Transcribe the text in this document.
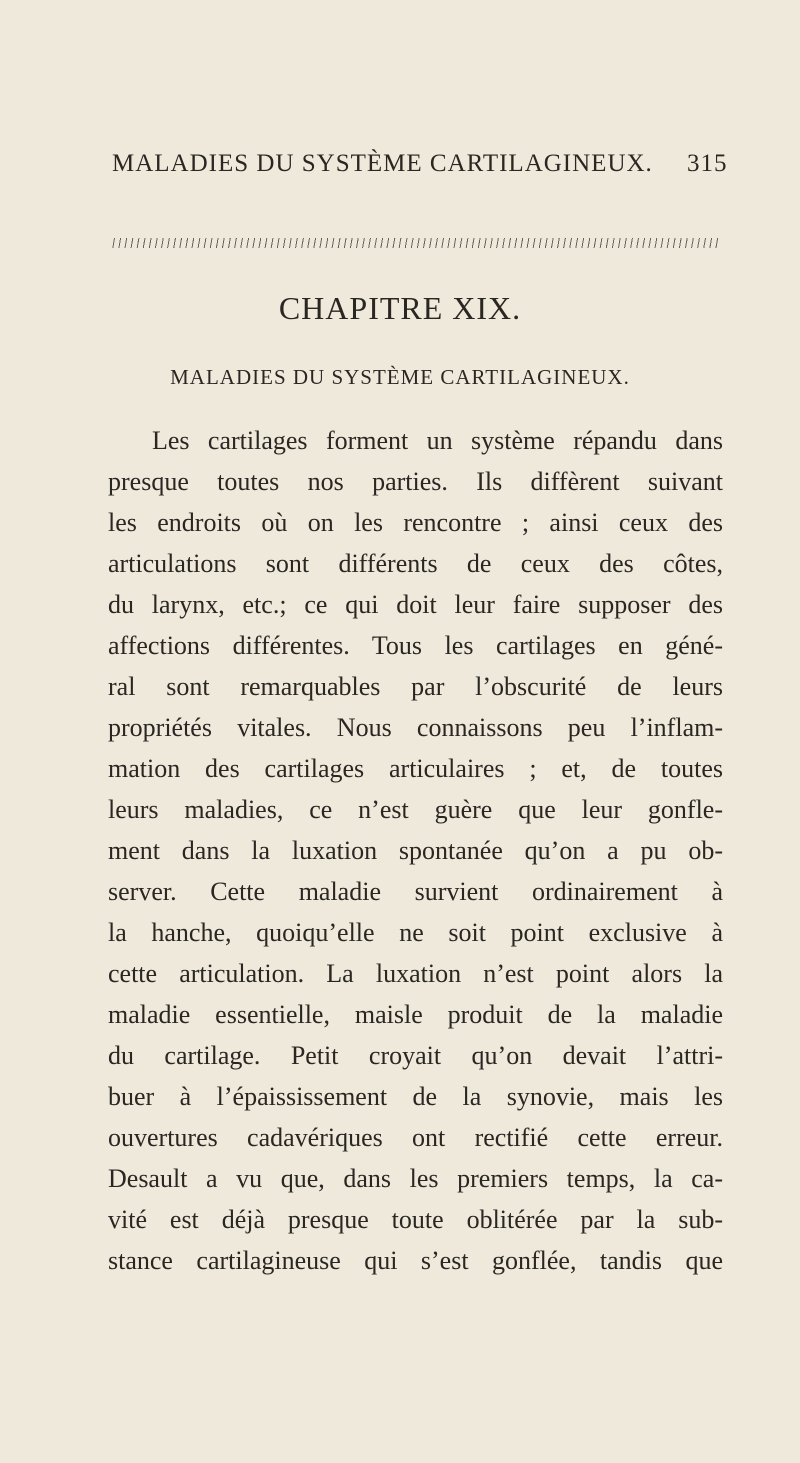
MALADIES DU SYSTÈME CARTILAGINEUX. 315
CHAPITRE XIX.
MALADIES DU SYSTÈME CARTILAGINEUX.
Les cartilages forment un système répandu dans
presque toutes nos parties. Ils diffèrent suivant
les endroits où on les rencontre ; ainsi ceux des
articulations sont différents de ceux des côtes,
du larynx, etc.; ce qui doit leur faire supposer des
affections différentes. Tous les cartilages en géné-
ral sont remarquables par l’obscurité de leurs
propriétés vitales. Nous connaissons peu l’inflam-
mation des cartilages articulaires ; et, de toutes
leurs maladies, ce n’est guère que leur gonfle-
ment dans la luxation spontanée qu’on a pu ob-
server. Cette maladie survient ordinairement à
la hanche, quoiqu’elle ne soit point exclusive à
cette articulation. La luxation n’est point alors la
maladie essentielle, maisle produit de la maladie
du cartilage. Petit croyait qu’on devait l’attri-
buer à l’épaississement de la synovie, mais les
ouvertures cadavériques ont rectifié cette erreur.
Desault a vu que, dans les premiers temps, la ca-
vité est déjà presque toute oblitérée par la sub-
stance cartilagineuse qui s’est gonflée, tandis que
